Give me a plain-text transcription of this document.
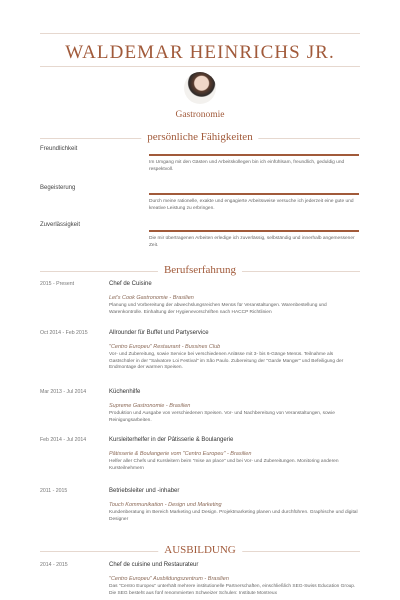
WALDEMAR HEINRICHS JR.
Gastronomie
persönliche Fähigkeiten
Freundlichkeit
Im Umgang mit den Gästen und Arbeitskollegen bin ich einfühlsam, freundlich, geduldig und respektvoll.
Begeisterung
Durch meine rationelle, exakte und engagierte Arbeitsweise versuche ich jederzeit eine gute und kreative Leistung zu erbringen.
Zuverlässigkeit
Die mir übertragenen Arbeiten erledige ich zuverlässig, selbständig und innerhalb angemessener Zeit.
Berufserfahrung
2015 - Present	Chef de Cuisine
Let's Cook Gastronomie - Brasilien
Planung und Vorbereitung der abwechslungsreichen Menüs für Veranstaltungen. Warenbestellung und Warenkontrolle. Einhaltung der Hygienevorschriften nach HACCP Richtlinien
Oct 2014 - Feb 2015	Allrounder für Buffet und Partyservice
"Centro Europeu" Restaurant - Bussines Club
Vor- und Zubereitung, sowie Service bei verschiedenen Anlässe mit 3- bis 6-Gänge Menüs. Teilnahme als Gastschüler in der "Salvatore Loi Festival" im São Paulo. Zubereitung der "Garde Manger" und Befeiligung der Endmontage der warmen Speisen.
Mar 2013 - Jul 2014	Küchenhilfe
Supreme Gastronomie - Brasilien
Produktion und Ausgabe von verschiedenen Speisen. Vor- und Nachbereitung von Veranstaltungen, sowie Reinigungsarbeiten.
Feb 2014 - Jul 2014	Kursleiterhelfer in der Pâtisserie & Boulangerie
Pâtisserie & Boulangerie vom "Centro Europeu" - Brasilien
Helfer aller Chefs und Kursleitern beim "mise an place" und bei Vor- und Zubereitungen. Monitoring anderen Kursteilnehmern
2011 - 2015	Betriebsleiter und -inhaber
Touch Kommunikation - Design und Marketing
Kundenberatung im Bereich Marketing und Design. Projektmarketing planen und durchführen. Graphische und digital Designer
AUSBILDUNG
2014 - 2015	Chef de cuisine und Restaurateur
"Centro Europeu" Ausbildungszentrum - Brasilien
Das "Centro Europeu" unterhält mehrere institutionelle Partnerschaften, einschließlich SEG-Swiss Education Group. Die SEG besteht aus fünf renommierten Schweizer Schulen: Institute Montreux
